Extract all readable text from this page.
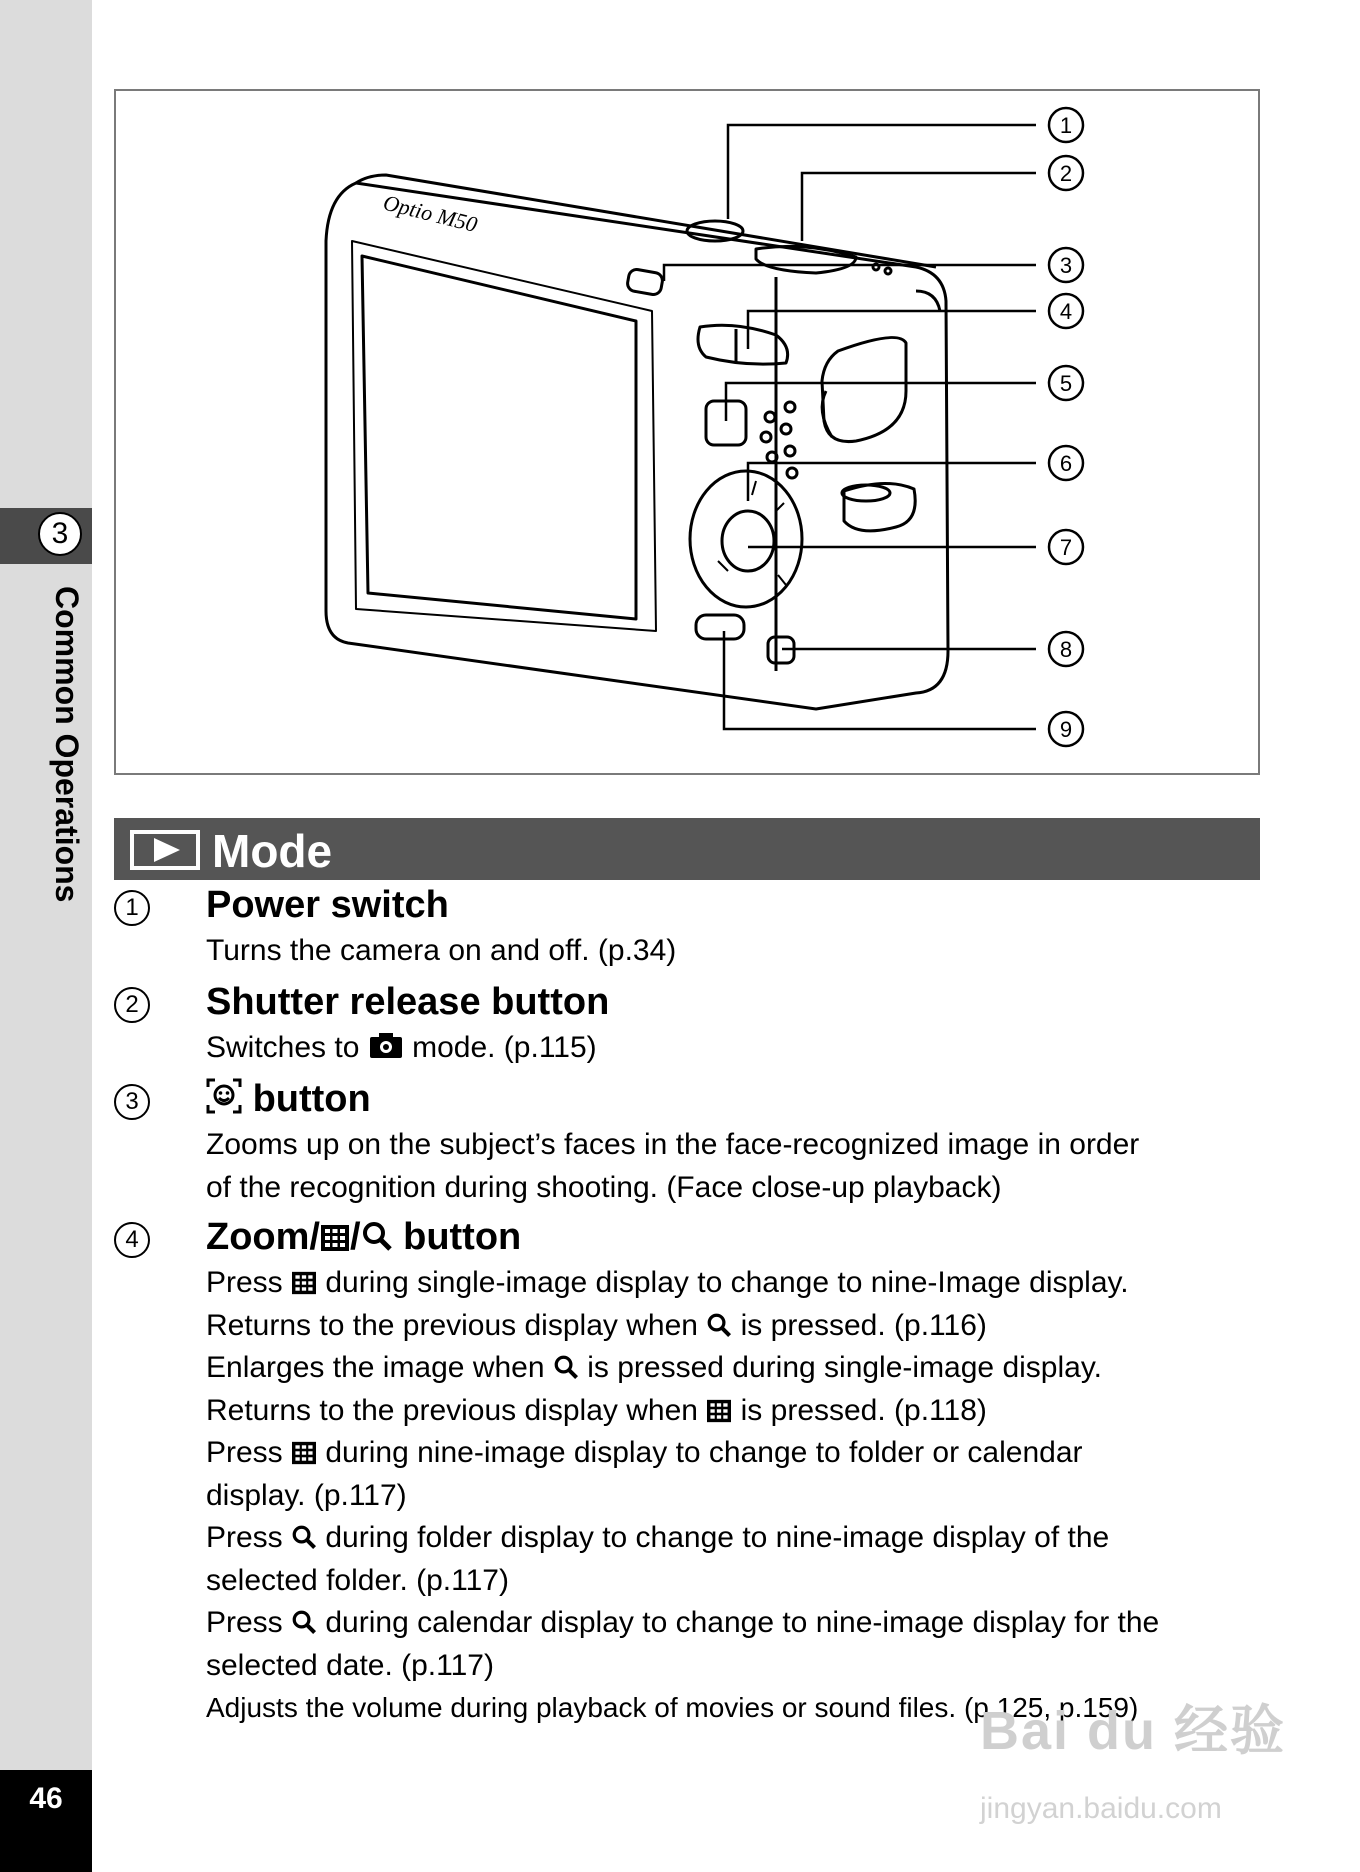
3
Common Operations
46
Optio M50
1
2
3
4
5
6
7
8
9
Mode
1 Power switch

Turns the camera on and off. (p.34)

2 Shutter release button

Switches to mode. (p.115)

3	button

Zooms up on the subject’s faces in the face-recognized image in order

of the recognition during shooting. (Face close-up playback)

4 Zoom/ / button

Press during single-image display to change to nine-Image display.

Returns to the previous display when is pressed. (p.116)

Enlarges the image when is pressed during single-image display.

Returns to the previous display when is pressed. (p.118)

Press during nine-image display to change to folder or calendar

display. (p.117)

Press during folder display to change to nine-image display of the

selected folder. (p.117)

Press during calendar display to change to nine-image display for the

selected date. (p.117)

Adjusts the volume during playback of movies or sound files. (p.125, p.159)

Bai du 经验
jingyan.baidu.com
